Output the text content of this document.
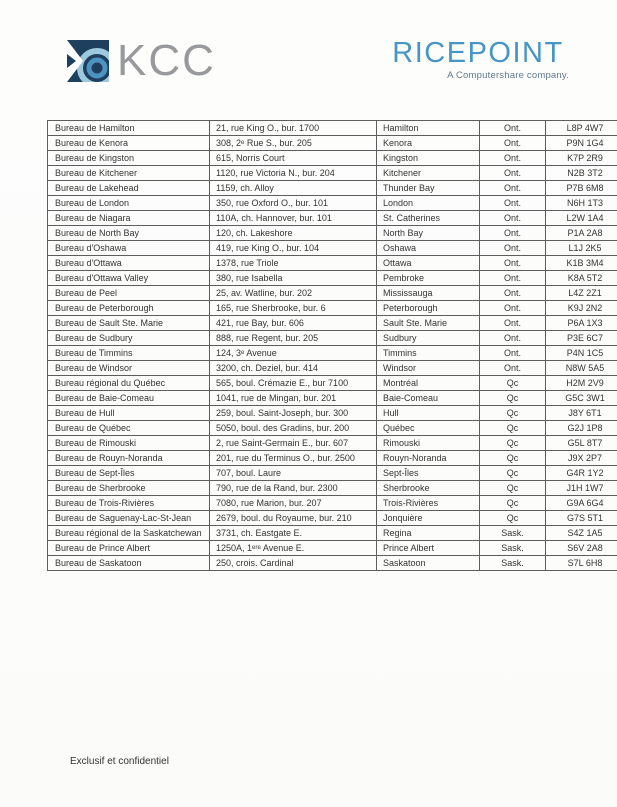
KCC	RICEPOINT
A Computershare company.
Bureau de Hamilton	21, rue King O., bur. 1700	Hamilton	Ont.	L8P 4W7
Bureau de Kenora	308, 2ᵉ Rue S., bur. 205	Kenora	Ont.	P9N 1G4
Bureau de Kingston	615, Norris Court	Kingston	Ont.	K7P 2R9
Bureau de Kitchener	1120, rue Victoria N., bur. 204	Kitchener	Ont.	N2B 3T2
Bureau de Lakehead	1159, ch. Alloy	Thunder Bay	Ont.	P7B 6M8
Bureau de London	350, rue Oxford O., bur. 101	London	Ont.	N6H 1T3
Bureau de Niagara	110A, ch. Hannover, bur. 101	St. Catherines	Ont.	L2W 1A4
Bureau de North Bay	120, ch. Lakeshore	North Bay	Ont.	P1A 2A8
Bureau d'Oshawa	419, rue King O., bur. 104	Oshawa	Ont.	L1J 2K5
Bureau d'Ottawa	1378, rue Triole	Ottawa	Ont.	K1B 3M4
Bureau d'Ottawa Valley	380, rue Isabella	Pembroke	Ont.	K8A 5T2
Bureau de Peel	25, av. Watline, bur. 202	Mississauga	Ont.	L4Z 2Z1
Bureau de Peterborough	165, rue Sherbrooke, bur. 6	Peterborough	Ont.	K9J 2N2
Bureau de Sault Ste. Marie	421, rue Bay, bur. 606	Sault Ste. Marie	Ont.	P6A 1X3
Bureau de Sudbury	888, rue Regent, bur. 205	Sudbury	Ont.	P3E 6C7
Bureau de Timmins	124, 3ᵉ Avenue	Timmins	Ont.	P4N 1C5
Bureau de Windsor	3200, ch. Deziel, bur. 414	Windsor	Ont.	N8W 5A5
Bureau régional du Québec	565, boul. Crémazie E., bur 7100	Montréal	Qc	H2M 2V9
Bureau de Baie-Comeau	1041, rue de Mingan, bur. 201	Baie-Comeau	Qc	G5C 3W1
Bureau de Hull	259, boul. Saint-Joseph, bur. 300	Hull	Qc	J8Y 6T1
Bureau de Québec	5050, boul. des Gradins, bur. 200	Québec	Qc	G2J 1P8
Bureau de Rimouski	2, rue Saint-Germain E., bur. 607	Rimouski	Qc	G5L 8T7
Bureau de Rouyn-Noranda	201, rue du Terminus O., bur. 2500	Rouyn-Noranda	Qc	J9X 2P7
Bureau de Sept-Îles	707, boul. Laure	Sept-Îles	Qc	G4R 1Y2
Bureau de Sherbrooke	790, rue de la Rand, bur. 2300	Sherbrooke	Qc	J1H 1W7
Bureau de Trois-Rivières	7080, rue Marion, bur. 207	Trois-Rivières	Qc	G9A 6G4
Bureau de Saguenay-Lac-St-Jean	2679, boul. du Royaume, bur. 210	Jonquière	Qc	G7S 5T1
Bureau régional de la Saskatchewan	3731, ch. Eastgate E.	Regina	Sask.	S4Z 1A5
Bureau de Prince Albert	1250A, 1ᵉʳᵉ Avenue E.	Prince Albert	Sask.	S6V 2A8
Bureau de Saskatoon	250, crois. Cardinal	Saskatoon	Sask.	S7L 6H8
Exclusif et confidentiel
